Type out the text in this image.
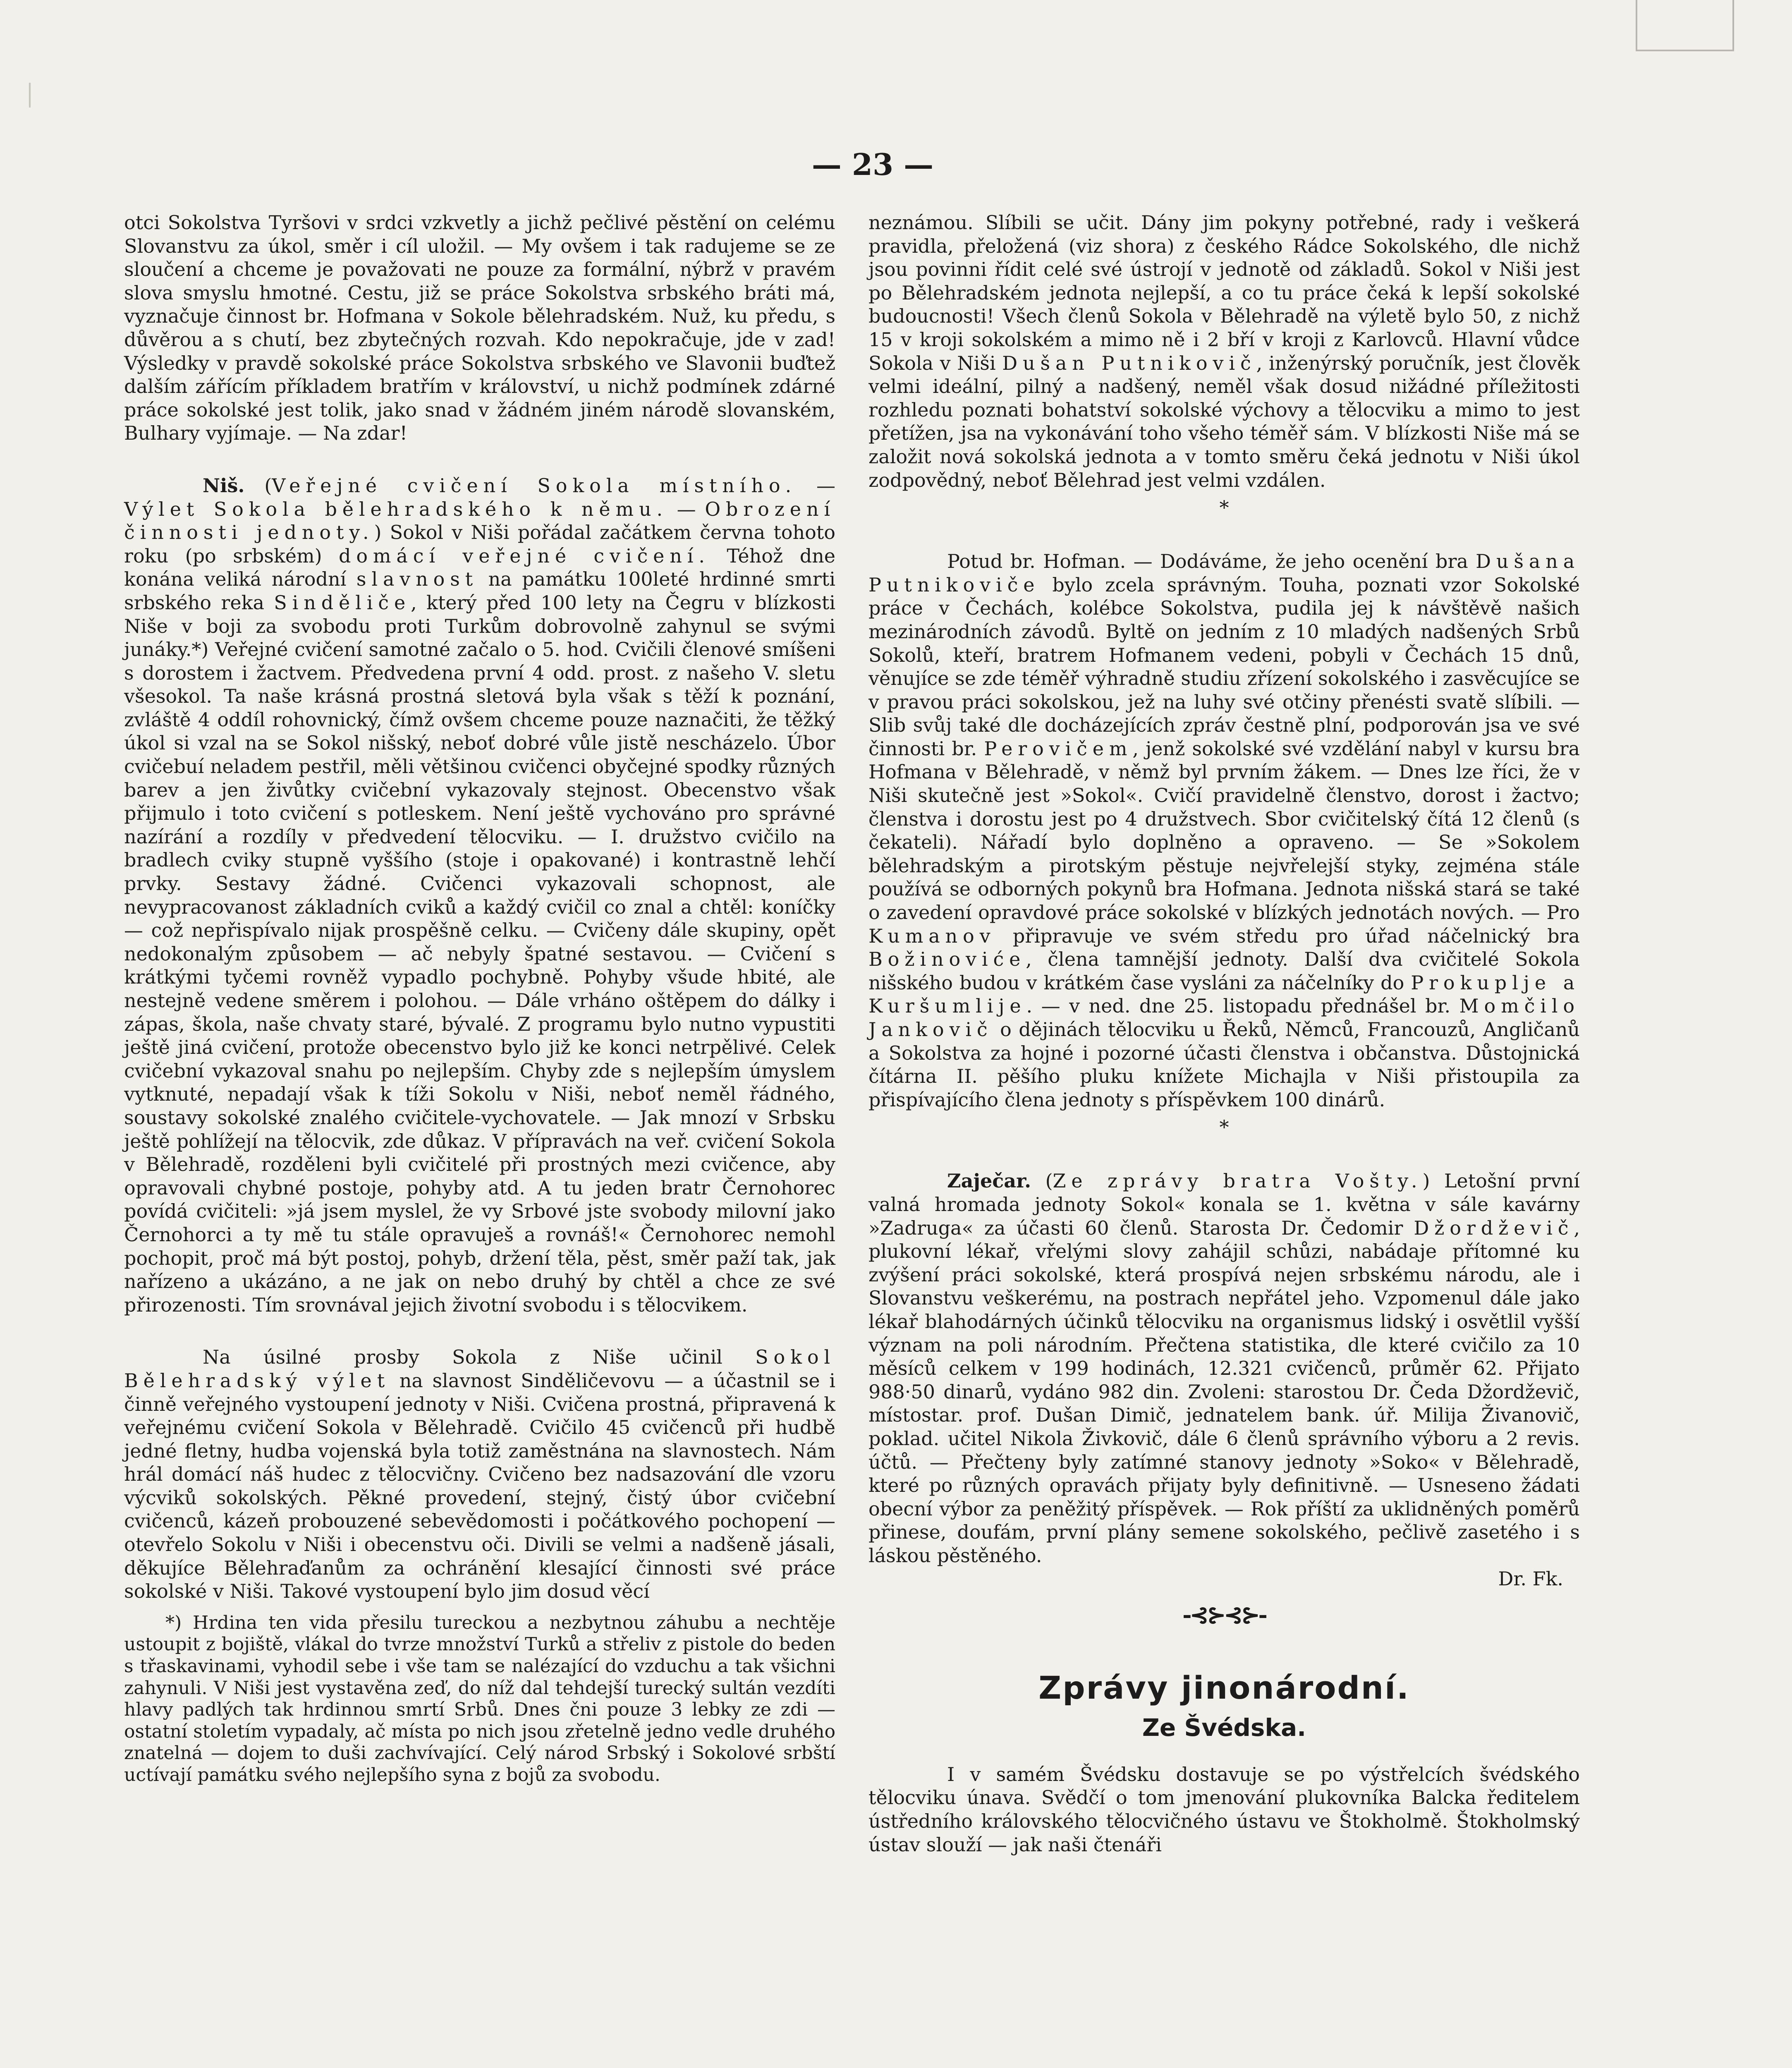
— 23 —

otci Sokolstva Tyršovi v srdci vzkvetly a jichž pečlivé pěstění on celému Slovanstvu za úkol, směr i cíl uložil. — My ovšem i tak radujeme se ze sloučení a chceme je považovati ne pouze za formální, nýbrž v pravém slova smyslu hmotné. Cestu, již se práce Sokolstva srbského bráti má, vyznačuje činnost br. Hofmana v Sokole bělehradském. Nuž, ku předu, s důvěrou a s chutí, bez zbytečných rozvah. Kdo nepokračuje, jde v zad! Výsledky v pravdě sokolské práce Sokolstva srbského ve Slavonii buďtež dalším zářícím příkladem bratřím v království, u nichž podmínek zdárné práce sokolské jest tolik, jako snad v žádném jiném národě slovanském, Bulhary vyjímaje. — Na zdar!

Niš. (Veřejné cvičení Sokola místního. — Výlet Sokola bělehradského k němu. — Obrození činnosti jednoty.) Sokol v Niši pořádal začátkem června tohoto roku (po srbském) domácí veřejné cvičení. Téhož dne konána veliká národní slavnost na památku 100leté hrdinné smrti srbského reka Sinděliče, který před 100 lety na Čegru v blízkosti Niše v boji za svobodu proti Turkům dobrovolně zahynul se svými junáky.*) Veřejné cvičení samotné začalo o 5. hod. Cvičili členové smíšeni s dorostem i žactvem. Předvedena první 4 odd. prost. z našeho V. sletu všesokol. Ta naše krásná prostná sletová byla však s těží k poznání, zvláště 4 oddíl rohovnický, čímž ovšem chceme pouze naznačiti, že těžký úkol si vzal na se Sokol nišský, neboť dobré vůle jistě nescházelo. Úbor cvičebuí neladem pestřil, měli většinou cvičenci obyčejné spodky různých barev a jen živůtky cvičební vykazovaly stejnost. Obecenstvo však přijmulo i toto cvičení s potleskem. Není ještě vychováno pro správné nazírání a rozdíly v předvedení tělocviku. — I. družstvo cvičilo na bradlech cviky stupně vyššího (stoje i opakované) i kontrastně lehčí prvky. Sestavy žádné. Cvičenci vykazovali schopnost, ale nevypracovanost základních cviků a každý cvičil co znal a chtěl: koníčky — což nepřispívalo nijak prospěšně celku. — Cvičeny dále skupiny, opět nedokonalým způsobem — ač nebyly špatné sestavou. — Cvičení s krátkými tyčemi rovněž vypadlo pochybně. Pohyby všude hbité, ale nestejně vedene směrem i polohou. — Dále vrháno oštěpem do dálky i zápas, škola, naše chvaty staré, bývalé. Z programu bylo nutno vypustiti ještě jiná cvičení, protože obecenstvo bylo již ke konci netrpělivé. Celek cvičební vykazoval snahu po nejlepším. Chyby zde s nejlepším úmyslem vytknuté, nepadají však k tíži Sokolu v Niši, neboť neměl řádného, soustavy sokolské znalého cvičitele-vychovatele. — Jak mnozí v Srbsku ještě pohlížejí na tělocvik, zde důkaz. V přípravách na veř. cvičení Sokola v Bělehradě, rozděleni byli cvičitelé při prostných mezi cvičence, aby opravovali chybné postoje, pohyby atd. A tu jeden bratr Černohorec povídá cvičiteli: »já jsem myslel, že vy Srbové jste svobody milovní jako Černohorci a ty mě tu stále opravuješ a rovnáš!« Černohorec nemohl pochopit, proč má být postoj, pohyb, držení těla, pěst, směr paží tak, jak nařízeno a ukázáno, a ne jak on nebo druhý by chtěl a chce ze své přirozenosti. Tím srovnával jejich životní svobodu i s tělocvikem.

Na úsilné prosby Sokola z Niše učinil Sokol Bělehradský výlet na slavnost Sinděličevovu — a účastnil se i činně veřejného vystoupení jednoty v Niši. Cvičena prostná, připravená k veřejnému cvičení Sokola v Bělehradě. Cvičilo 45 cvičenců při hudbě jedné fletny, hudba vojenská byla totiž zaměstnána na slavnostech. Nám hrál domácí náš hudec z tělocvičny. Cvičeno bez nadsazování dle vzoru výcviků sokolských. Pěkné provedení, stejný, čistý úbor cvičební cvičenců, kázeň probouzené sebevědomosti i počátkového pochopení — otevřelo Sokolu v Niši i obecenstvu oči. Divili se velmi a nadšeně jásali, děkujíce Bělehraďanům za ochránění klesající činnosti své práce sokolské v Niši. Takové vystoupení bylo jim dosud věcí

*) Hrdina ten vida přesilu tureckou a nezbytnou záhubu a nechtěje ustoupit z bojiště, vlákal do tvrze množství Turků a střeliv z pistole do beden s třaskavinami, vyhodil sebe i vše tam se nalézající do vzduchu a tak všichni zahynuli. V Niši jest vystavěna zeď, do níž dal tehdejší turecký sultán vezdíti hlavy padlých tak hrdinnou smrtí Srbů. Dnes čni pouze 3 lebky ze zdi — ostatní stoletím vypadaly, ač místa po nich jsou zřetelně jedno vedle druhého znatelná — dojem to duši zachvívající. Celý národ Srbský i Sokolové srbští uctívají památku svého nejlepšího syna z bojů za svobodu.

neznámou. Slíbili se učit. Dány jim pokyny potřebné, rady i veškerá pravidla, přeložená (viz shora) z českého Rádce Sokolského, dle nichž jsou povinni řídit celé své ústrojí v jednotě od základů. Sokol v Niši jest po Bělehradském jednota nejlepší, a co tu práce čeká k lepší sokolské budoucnosti! Všech členů Sokola v Bělehradě na výletě bylo 50, z nichž 15 v kroji sokolském a mimo ně i 2 bří v kroji z Karlovců. Hlavní vůdce Sokola v Niši Dušan Putnikovič, inženýrský poručník, jest člověk velmi ideální, pilný a nadšený, neměl však dosud nižádné příležitosti rozhledu poznati bohatství sokolské výchovy a tělocviku a mimo to jest přetížen, jsa na vykonávání toho všeho téměř sám. V blízkosti Niše má se založit nová sokolská jednota a v tomto směru čeká jednotu v Niši úkol zodpovědný, neboť Bělehrad jest velmi vzdálen.

*

Potud br. Hofman. — Dodáváme, že jeho ocenění bra Dušana Putnikoviče bylo zcela správným. Touha, poznati vzor Sokolské práce v Čechách, kolébce Sokolstva, pudila jej k návštěvě našich mezinárodních závodů. Byltě on jedním z 10 mladých nadšených Srbů Sokolů, kteří, bratrem Hofmanem vedeni, pobyli v Čechách 15 dnů, věnujíce se zde téměř výhradně studiu zřízení sokolského i zasvěcujíce se v pravou práci sokolskou, jež na luhy své otčiny přenésti svatě slíbili. — Slib svůj také dle docházejících zpráv čestně plní, podporován jsa ve své činnosti br. Perovičem, jenž sokolské své vzdělání nabyl v kursu bra Hofmana v Bělehradě, v němž byl prvním žákem. — Dnes lze říci, že v Niši skutečně jest »Sokol«. Cvičí pravidelně členstvo, dorost i žactvo; členstva i dorostu jest po 4 družstvech. Sbor cvičitelský čítá 12 členů (s čekateli). Nářadí bylo doplněno a opraveno. — Se »Sokolem bělehradským a pirotským pěstuje nejvřelejší styky, zejména stále používá se odborných pokynů bra Hofmana. Jednota nišská stará se také o zavedení opravdové práce sokolské v blízkých jednotách nových. — Pro Kumanov připravuje ve svém středu pro úřad náčelnický bra Božinoviće, člena tamnější jednoty. Další dva cvičitelé Sokola nišského budou v krátkém čase vysláni za náčelníky do Prokuplje a Kuršumlije. — v ned. dne 25. listopadu přednášel br. Momčilo Jankovič o dějinách tělocviku u Řeků, Němců, Francouzů, Angličanů a Sokolstva za hojné i pozorné účasti členstva i občanstva. Důstojnická čítárna II. pěšího pluku knížete Michajla v Niši přistoupila za přispívajícího člena jednoty s příspěvkem 100 dinárů.

*

Zaječar. (Ze zprávy bratra Vošty.) Letošní první valná hromada jednoty Sokol« konala se 1. května v sále kavárny »Zadruga« za účasti 60 členů. Starosta Dr. Čedomir Džordževič, plukovní lékař, vřelými slovy zahájil schůzi, nabádaje přítomné ku zvýšení práci sokolské, která prospívá nejen srbskému národu, ale i Slovanstvu veškerému, na postrach nepřátel jeho. Vzpomenul dále jako lékař blahodárných účinků tělocviku na organismus lidský i osvětlil vyšší význam na poli národním. Přečtena statistika, dle které cvičilo za 10 měsíců celkem v 199 hodinách, 12.321 cvičenců, průměr 62. Přijato 988·50 dinarů, vydáno 982 din. Zvoleni: starostou Dr. Čeda Džordževič, místostar. prof. Dušan Dimič, jednatelem bank. úř. Milija Živanovič, poklad. učitel Nikola Živkovič, dále 6 členů správního výboru a 2 revis. účtů. — Přečteny byly zatímné stanovy jednoty »Soko« v Bělehradě, které po různých opravách přijaty byly definitivně. — Usneseno žádati obecní výbor za peněžitý příspěvek. — Rok příští za uklidněných poměrů přinese, doufám, první plány semene sokolského, pečlivě zasetého i s láskou pěstěného.

Dr. Fk.

-⊰⊱⊰⊱-
Zprávy jinonárodní.
Ze Švédska.

I v samém Švédsku dostavuje se po výstřelcích švédského tělocviku únava. Svědčí o tom jmenování plukovníka Balcka ředitelem ústředního královského tělocvičného ústavu ve Štokholmě. Štokholmský ústav slouží — jak naši čtenáři
